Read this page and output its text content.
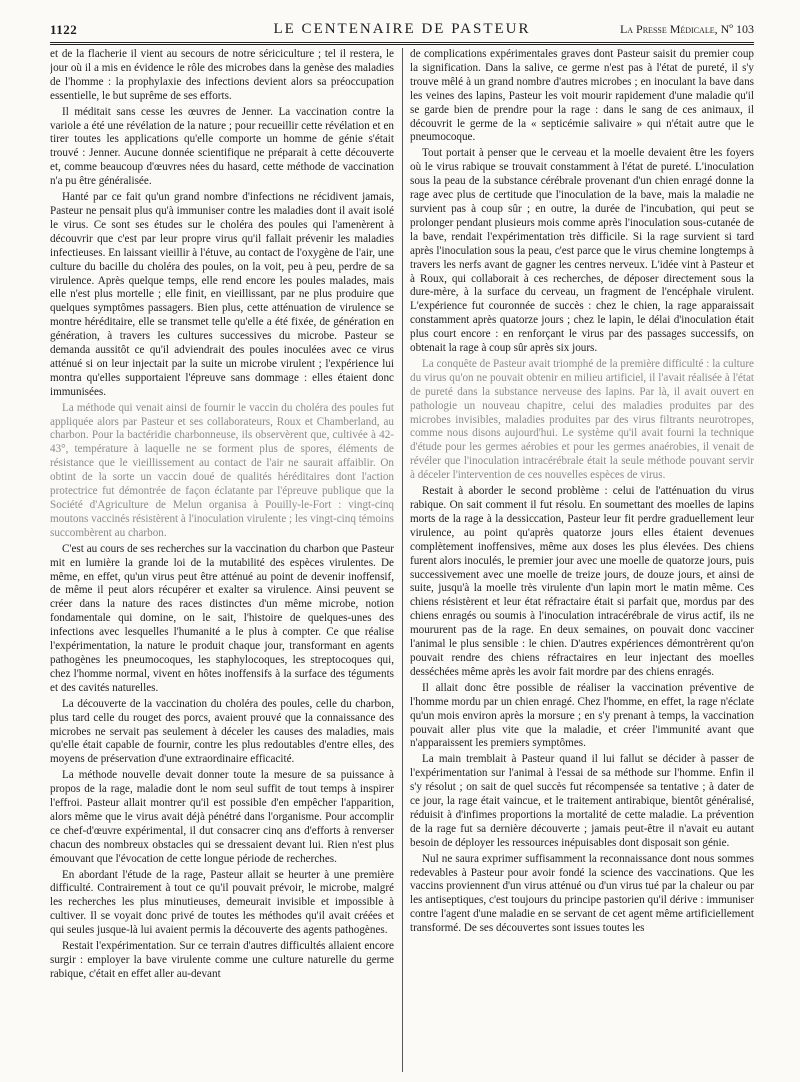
1122	LE CENTENAIRE DE PASTEUR	La Presse Médicale, Nº 103

et de la flacherie il vient au secours de notre sériciculture ; tel il restera, le jour où il a mis en évidence le rôle des microbes dans la genèse des maladies de l'homme : la prophylaxie des infections devient alors sa préoccupation essentielle, le but suprême de ses efforts.

Il méditait sans cesse les œuvres de Jenner. La vaccination contre la variole a été une révélation de la nature ; pour recueillir cette révélation et en tirer toutes les applications qu'elle comporte un homme de génie s'était trouvé : Jenner. Aucune donnée scientifique ne préparait à cette découverte et, comme beaucoup d'œuvres nées du hasard, cette méthode de vaccination n'a pu être généralisée.

Hanté par ce fait qu'un grand nombre d'infections ne récidivent jamais, Pasteur ne pensait plus qu'à immuniser contre les maladies dont il avait isolé le virus. Ce sont ses études sur le choléra des poules qui l'amenèrent à découvrir que c'est par leur propre virus qu'il fallait prévenir les maladies infectieuses. En laissant vieillir à l'étuve, au contact de l'oxygène de l'air, une culture du bacille du choléra des poules, on la voit, peu à peu, perdre de sa virulence. Après quelque temps, elle rend encore les poules malades, mais elle n'est plus mortelle ; elle finit, en vieillissant, par ne plus produire que quelques symptômes passagers. Bien plus, cette atténuation de virulence se montre héréditaire, elle se transmet telle qu'elle a été fixée, de génération en génération, à travers les cultures successives du microbe. Pasteur se demanda aussitôt ce qu'il adviendrait des poules inoculées avec ce virus atténué si on leur injectait par la suite un microbe virulent ; l'expérience lui montra qu'elles supportaient l'épreuve sans dommage : elles étaient donc immunisées.

La méthode qui venait ainsi de fournir le vaccin du choléra des poules fut appliquée alors par Pasteur et ses collaborateurs, Roux et Chamberland, au charbon. Pour la bactéridie charbonneuse, ils observèrent que, cultivée à 42-43°, température à laquelle ne se forment plus de spores, éléments de résistance que le vieillissement au contact de l'air ne saurait affaiblir. On obtint de la sorte un vaccin doué de qualités héréditaires dont l'action protectrice fut démontrée de façon éclatante par l'épreuve publique que la Société d'Agriculture de Melun organisa à Pouilly-le-Fort : vingt-cinq moutons vaccinés résistèrent à l'inoculation virulente ; les vingt-cinq témoins succombèrent au charbon.

C'est au cours de ses recherches sur la vaccination du charbon que Pasteur mit en lumière la grande loi de la mutabilité des espèces virulentes. De même, en effet, qu'un virus peut être atténué au point de devenir inoffensif, de même il peut alors récupérer et exalter sa virulence. Ainsi peuvent se créer dans la nature des races distinctes d'un même microbe, notion fondamentale qui domine, on le sait, l'histoire de quelques-unes des infections avec lesquelles l'humanité a le plus à compter. Ce que réalise l'expérimentation, la nature le produit chaque jour, transformant en agents pathogènes les pneumocoques, les staphylocoques, les streptocoques qui, chez l'homme normal, vivent en hôtes inoffensifs à la surface des téguments et des cavités naturelles.

La découverte de la vaccination du choléra des poules, celle du charbon, plus tard celle du rouget des porcs, avaient prouvé que la connaissance des microbes ne servait pas seulement à déceler les causes des maladies, mais qu'elle était capable de fournir, contre les plus redoutables d'entre elles, des moyens de préservation d'une extraordinaire efficacité.

La méthode nouvelle devait donner toute la mesure de sa puissance à propos de la rage, maladie dont le nom seul suffit de tout temps à inspirer l'effroi. Pasteur allait montrer qu'il est possible d'en empêcher l'apparition, alors même que le virus avait déjà pénétré dans l'organisme. Pour accomplir ce chef-d'œuvre expérimental, il dut consacrer cinq ans d'efforts à renverser chacun des nombreux obstacles qui se dressaient devant lui. Rien n'est plus émouvant que l'évocation de cette longue période de recherches.

En abordant l'étude de la rage, Pasteur allait se heurter à une première difficulté. Contrairement à tout ce qu'il pouvait prévoir, le microbe, malgré les recherches les plus minutieuses, demeurait invisible et impossible à cultiver. Il se voyait donc privé de toutes les méthodes qu'il avait créées et qui seules jusque-là lui avaient permis la découverte des agents pathogènes.

Restait l'expérimentation. Sur ce terrain d'autres difficultés allaient encore surgir : employer la bave virulente comme une culture naturelle du germe rabique, c'était en effet aller au-devant

de complications expérimentales graves dont Pasteur saisit du premier coup la signification. Dans la salive, ce germe n'est pas à l'état de pureté, il s'y trouve mêlé à un grand nombre d'autres microbes ; en inoculant la bave dans les veines des lapins, Pasteur les voit mourir rapidement d'une maladie qu'il se garde bien de prendre pour la rage : dans le sang de ces animaux, il découvrit le germe de la « septicémie salivaire » qui n'était autre que le pneumocoque.

Tout portait à penser que le cerveau et la moelle devaient être les foyers où le virus rabique se trouvait constamment à l'état de pureté. L'inoculation sous la peau de la substance cérébrale provenant d'un chien enragé donne la rage avec plus de certitude que l'inoculation de la bave, mais la maladie ne survient pas à coup sûr ; en outre, la durée de l'incubation, qui peut se prolonger pendant plusieurs mois comme après l'inoculation sous-cutanée de la bave, rendait l'expérimentation très difficile. Si la rage survient si tard après l'inoculation sous la peau, c'est parce que le virus chemine longtemps à travers les nerfs avant de gagner les centres nerveux. L'idée vint à Pasteur et à Roux, qui collaborait à ces recherches, de déposer directement sous la dure-mère, à la surface du cerveau, un fragment de l'encéphale virulent. L'expérience fut couronnée de succès : chez le chien, la rage apparaissait constamment après quatorze jours ; chez le lapin, le délai d'inoculation était plus court encore : en renforçant le virus par des passages successifs, on obtenait la rage à coup sûr après six jours.

La conquête de Pasteur avait triomphé de la première difficulté : la culture du virus qu'on ne pouvait obtenir en milieu artificiel, il l'avait réalisée à l'état de pureté dans la substance nerveuse des lapins. Par là, il avait ouvert en pathologie un nouveau chapitre, celui des maladies produites par des microbes invisibles, maladies produites par des virus filtrants neurotropes, comme nous disons aujourd'hui. Le système qu'il avait fourni la technique d'étude pour les germes aérobies et pour les germes anaérobies, il venait de révéler que l'inoculation intracérébrale était la seule méthode pouvant servir à déceler l'intervention de ces nouvelles espèces de virus.

Restait à aborder le second problème : celui de l'atténuation du virus rabique. On sait comment il fut résolu. En soumettant des moelles de lapins morts de la rage à la dessiccation, Pasteur leur fit perdre graduellement leur virulence, au point qu'après quatorze jours elles étaient devenues complètement inoffensives, même aux doses les plus élevées. Des chiens furent alors inoculés, le premier jour avec une moelle de quatorze jours, puis successivement avec une moelle de treize jours, de douze jours, et ainsi de suite, jusqu'à la moelle très virulente d'un lapin mort le matin même. Ces chiens résistèrent et leur état réfractaire était si parfait que, mordus par des chiens enragés ou soumis à l'inoculation intracérébrale de virus actif, ils ne moururent pas de la rage. En deux semaines, on pouvait donc vacciner l'animal le plus sensible : le chien. D'autres expériences démontrèrent qu'on pouvait rendre des chiens réfractaires en leur injectant des moelles desséchées même après les avoir fait mordre par des chiens enragés.

Il allait donc être possible de réaliser la vaccination préventive de l'homme mordu par un chien enragé. Chez l'homme, en effet, la rage n'éclate qu'un mois environ après la morsure ; en s'y prenant à temps, la vaccination pouvait aller plus vite que la maladie, et créer l'immunité avant que n'apparaissent les premiers symptômes.

La main tremblait à Pasteur quand il lui fallut se décider à passer de l'expérimentation sur l'animal à l'essai de sa méthode sur l'homme. Enfin il s'y résolut ; on sait de quel succès fut récompensée sa tentative ; à dater de ce jour, la rage était vaincue, et le traitement antirabique, bientôt généralisé, réduisit à d'infimes proportions la mortalité de cette maladie. La prévention de la rage fut sa dernière découverte ; jamais peut-être il n'avait eu autant besoin de déployer les ressources inépuisables dont disposait son génie.

Nul ne saura exprimer suffisamment la reconnaissance dont nous sommes redevables à Pasteur pour avoir fondé la science des vaccinations. Que les vaccins proviennent d'un virus atténué ou d'un virus tué par la chaleur ou par les antiseptiques, c'est toujours du principe pastorien qu'il dérive : immuniser contre l'agent d'une maladie en se servant de cet agent même artificiellement transformé. De ses découvertes sont issues toutes les
